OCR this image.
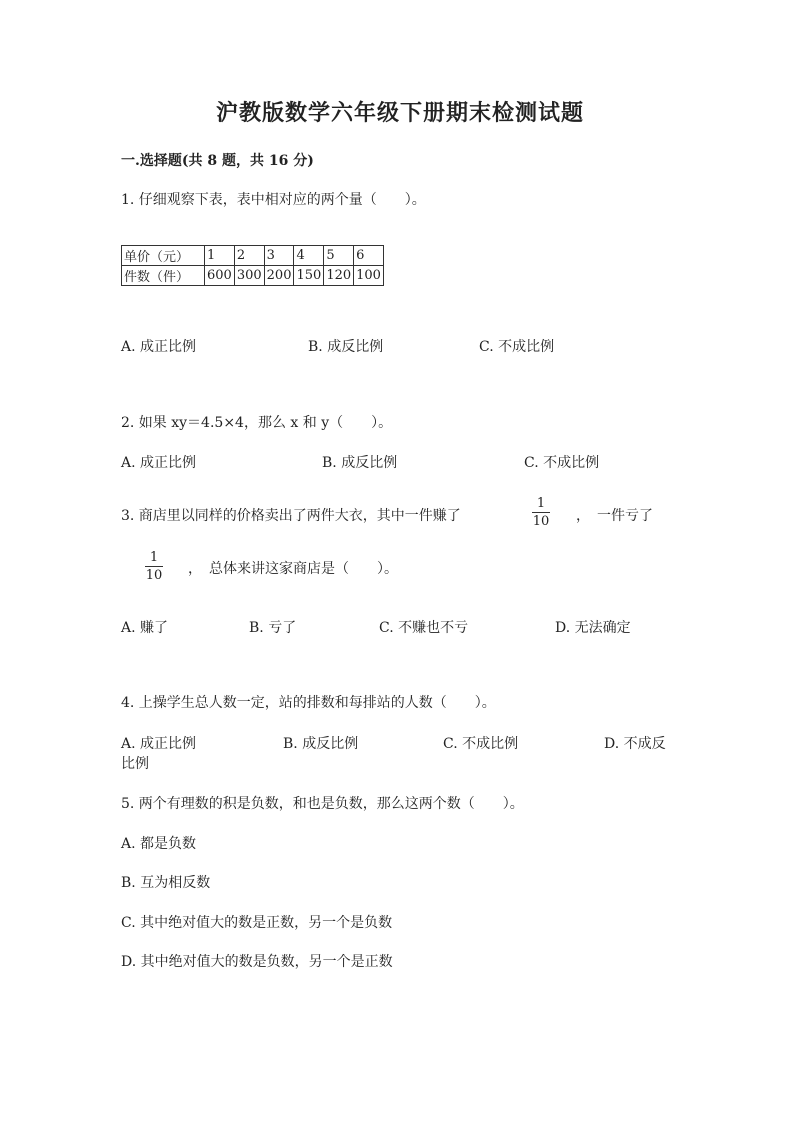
沪教版数学六年级下册期末检测试题
一.选择题(共 8 题，共 16 分)
1. 仔细观察下表，表中相对应的两个量（　　）。
单价（元）	1	2	3	4	5	6
件数（件）	600	300	200	150	120	100
A. 成正比例	B. 成反比例	C. 不成比例
2. 如果 xy＝4.5×4，那么 x 和 y（　　）。
A. 成正比例	B. 成反比例	C. 不成比例
3. 商店里以同样的价格卖出了两件大衣，其中一件赚了
1
10 ，　一件亏了
1
10 ，　总体来讲这家商店是（　　）。
A. 赚了	B. 亏了	C. 不赚也不亏	D. 无法确定
4. 上操学生总人数一定，站的排数和每排站的人数（　　）。
A. 成正比例	B. 成反比例	C. 不成比例	D. 不成反
比例
5. 两个有理数的积是负数，和也是负数，那么这两个数（　　）。
A. 都是负数
B. 互为相反数
C. 其中绝对值大的数是正数，另一个是负数
D. 其中绝对值大的数是负数，另一个是正数
